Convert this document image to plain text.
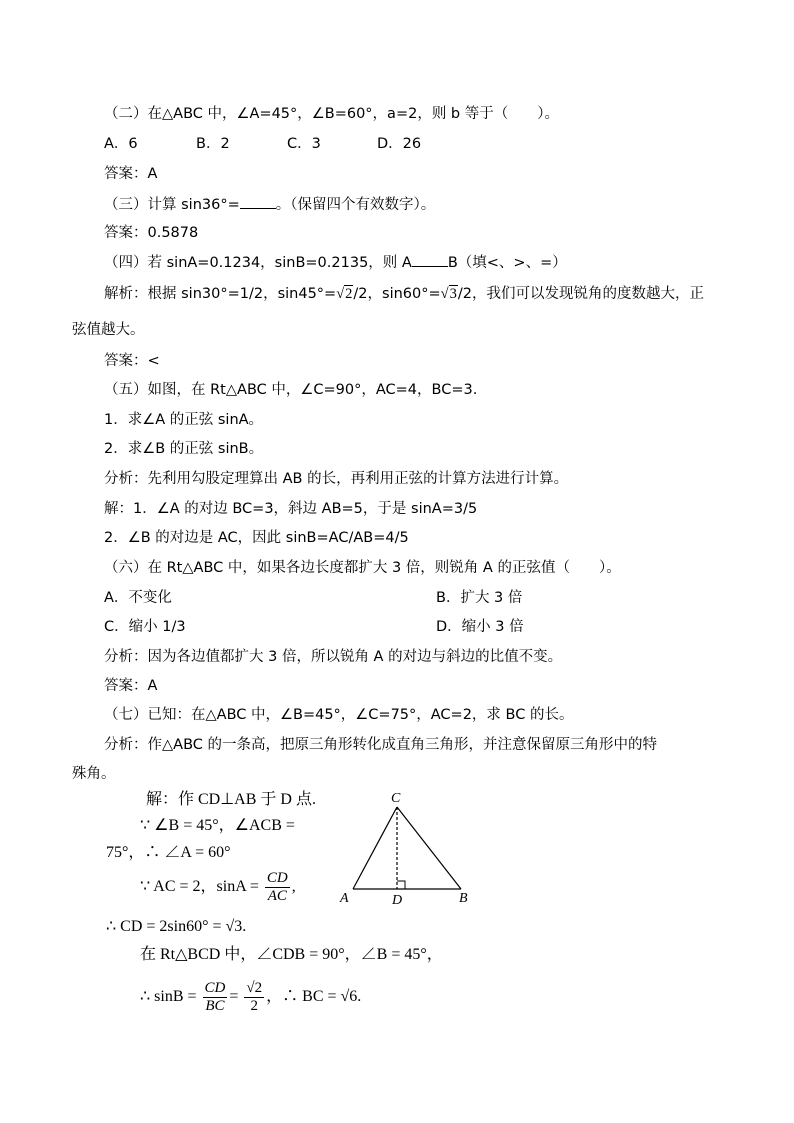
（二）在△ABC 中，∠A=45°，∠B=60°，a=2，则 b 等于（　　）。
A．6	B．2	C．3	D．26
答案：A
（三）计算 sin36°= 。（保留四个有效数字）。
答案：0.5878
（四）若 sinA=0.1234，sinB=0.2135，则 A B（填<、>、=）
解析：根据 sin30°=1/2，sin45°=√2/2，sin60°=√3/2，我们可以发现锐角的度数越大，正
弦值越大。
答案：<
（五）如图，在 Rt△ABC 中，∠C=90°，AC=4，BC=3.
1．求∠A 的正弦 sinA。
2．求∠B 的正弦 sinB。
分析：先利用勾股定理算出 AB 的长，再利用正弦的计算方法进行计算。
解：1．∠A 的对边 BC=3，斜边 AB=5，于是 sinA=3/5
2．∠B 的对边是 AC，因此 sinB=AC/AB=4/5
（六）在 Rt△ABC 中，如果各边长度都扩大 3 倍，则锐角 A 的正弦值（　　）。
A．不变化	B．扩大 3 倍
C．缩小 1/3	D．缩小 3 倍
分析：因为各边值都扩大 3 倍，所以锐角 A 的对边与斜边的比值不变。
答案：A
（七）已知：在△ABC 中，∠B=45°，∠C=75°，AC=2，求 BC 的长。
分析：作△ABC 的一条高，把原三角形转化成直角三角形，并注意保留原三角形中的特
殊角。
解：作 CD⊥AB 于 D 点.
∵ ∠B = 45°，∠ACB =
75°，∴ ∠A = 60°
∵ AC = 2，$\sin A = \frac{CD}{AC}$ ,
∴ CD = 2sin60° = √3.
在 Rt△BCD 中，∠CDB = 90°，∠B = 45°，
∴ $\sin B = \frac{CD}{BC} = \frac{√2}{2}$ ，∴ BC = √6.
C
A	D	B
